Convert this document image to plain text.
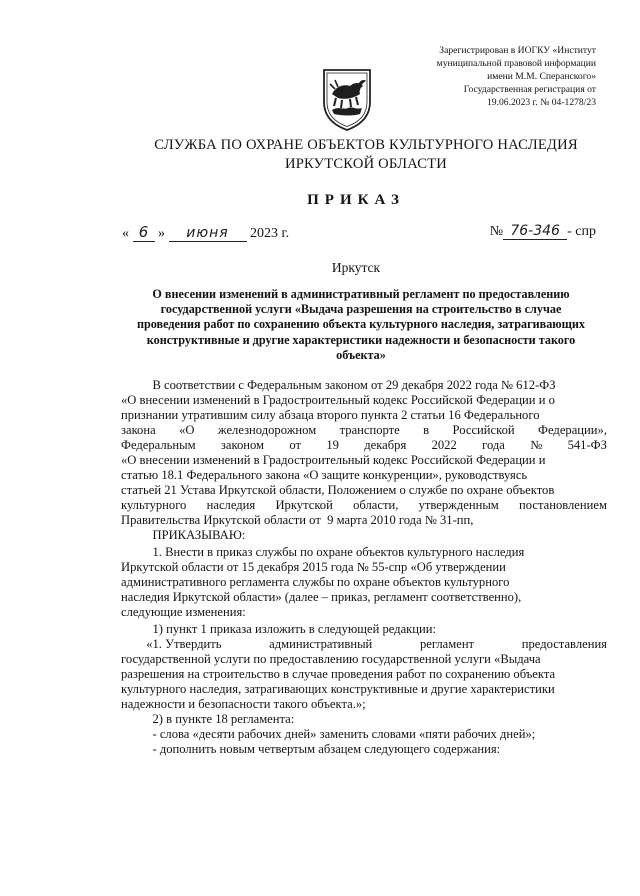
Зарегистрирован в ИОГКУ «Институт
муниципальной правовой информации
имени М.М. Сперанского»
Государственная регистрация от
19.06.2023 г. № 04-1278/23
СЛУЖБА ПО ОХРАНЕ ОБЪЕКТОВ КУЛЬТУРНОГО НАСЛЕДИЯ
ИРКУТСКОЙ ОБЛАСТИ
ПРИКАЗ
« 6 » июня 2023 г.	№ 76-346 - спр
Иркутск
О внесении изменений в административный регламент по предоставлению
государственной услуги «Выдача разрешения на строительство в случае
проведения работ по сохранению объекта культурного наследия, затрагивающих
конструктивные и другие характеристики надежности и безопасности такого
объекта»
В соответствии с Федеральным законом от 29 декабря 2022 года № 612-ФЗ
«О внесении изменений в Градостроительный кодекс Российской Федерации и о
признании утратившим силу абзаца второго пункта 2 статьи 16 Федерального
закона «О железнодорожном транспорте в Российской Федерации»,
Федеральным законом от 19 декабря 2022 года № 541-ФЗ
«О внесении изменений в Градостроительный кодекс Российской Федерации и
статью 18.1 Федерального закона «О защите конкуренции», руководствуясь
статьей 21 Устава Иркутской области, Положением о службе по охране объектов
культурного наследия Иркутской области, утвержденным постановлением
Правительства Иркутской области от  9 марта 2010 года № 31-пп,
ПРИКАЗЫВАЮ:
1. Внести в приказ службы по охране объектов культурного наследия
Иркутской области от 15 декабря 2015 года № 55-спр «Об утверждении
административного регламента службы по охране объектов культурного
наследия Иркутской области» (далее – приказ, регламент соответственно),
следующие изменения:
1) пункт 1 приказа изложить в следующей редакции:
«1. Утвердить	административный	регламент	предоставления
государственной услуги по предоставлению государственной услуги «Выдача
разрешения на строительство в случае проведения работ по сохранению объекта
культурного наследия, затрагивающих конструктивные и другие характеристики
надежности и безопасности такого объекта.»;
2) в пункте 18 регламента:
- слова «десяти рабочих дней» заменить словами «пяти рабочих дней»;
- дополнить новым четвертым абзацем следующего содержания:
